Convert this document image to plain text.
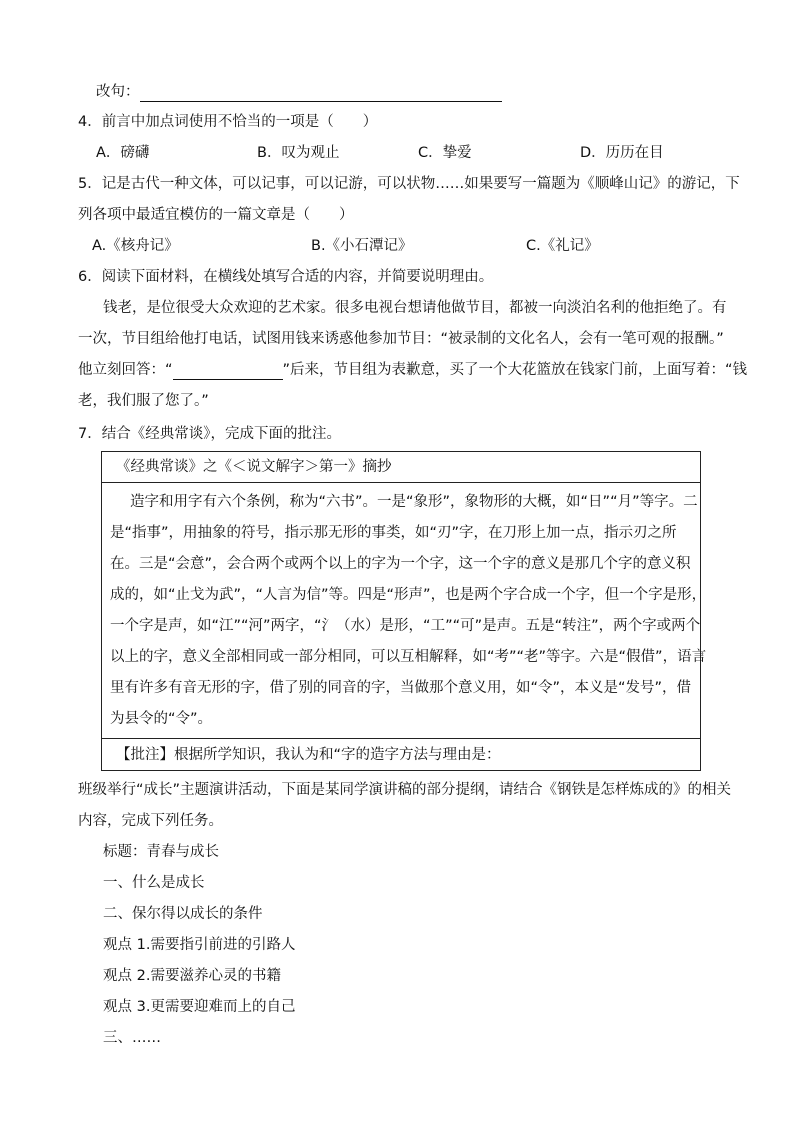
改句：
4．前言中加点词使用不恰当的一项是（　　）
A．磅礴	B．叹为观止	C．挚爱	D．历历在目
5．记是古代一种文体，可以记事，可以记游，可以状物……如果要写一篇题为《顺峰山记》的游记，下
列各项中最适宜模仿的一篇文章是（　　）
A.《核舟记》	B.《小石潭记》	C.《礼记》
6．阅读下面材料，在横线处填写合适的内容，并简要说明理由。
钱老，是位很受大众欢迎的艺术家。很多电视台想请他做节目，都被一向淡泊名利的他拒绝了。有
一次，节目组给他打电话，试图用钱来诱惑他参加节目：“被录制的文化名人，会有一笔可观的报酬。”
他立刻回答：“	”后来，节目组为表歉意，买了一个大花篮放在钱家门前，上面写着：“钱
老，我们服了您了。”
7．结合《经典常谈》，完成下面的批注。
《经典常谈》之《＜说文解字＞第一》摘抄
造字和用字有六个条例，称为“六书”。一是“象形”，象物形的大概，如“日”“月”等字。二
是“指事”，用抽象的符号，指示那无形的事类，如“刃”字，在刀形上加一点，指示刃之所
在。三是“会意”，会合两个或两个以上的字为一个字，这一个字的意义是那几个字的意义积
成的，如“止戈为武”，“人言为信”等。四是“形声”，也是两个字合成一个字，但一个字是形，
一个字是声，如“江”“河”两字，“氵（水）是形，“工”“可”是声。五是“转注”，两个字或两个
以上的字，意义全部相同或一部分相同，可以互相解释，如“考”“老”等字。六是“假借”，语言
里有许多有音无形的字，借了别的同音的字，当做那个意义用，如“令”，本义是“发号”，借
为县令的“令”。
【批注】根据所学知识，我认为和“字的造字方法与理由是：
班级举行“成长”主题演讲活动，下面是某同学演讲稿的部分提纲，请结合《钢铁是怎样炼成的》的相关
内容，完成下列任务。
标题：青春与成长
一、什么是成长
二、保尔得以成长的条件
观点 1.需要指引前进的引路人
观点 2.需要滋养心灵的书籍
观点 3.更需要迎难而上的自己
三、……
